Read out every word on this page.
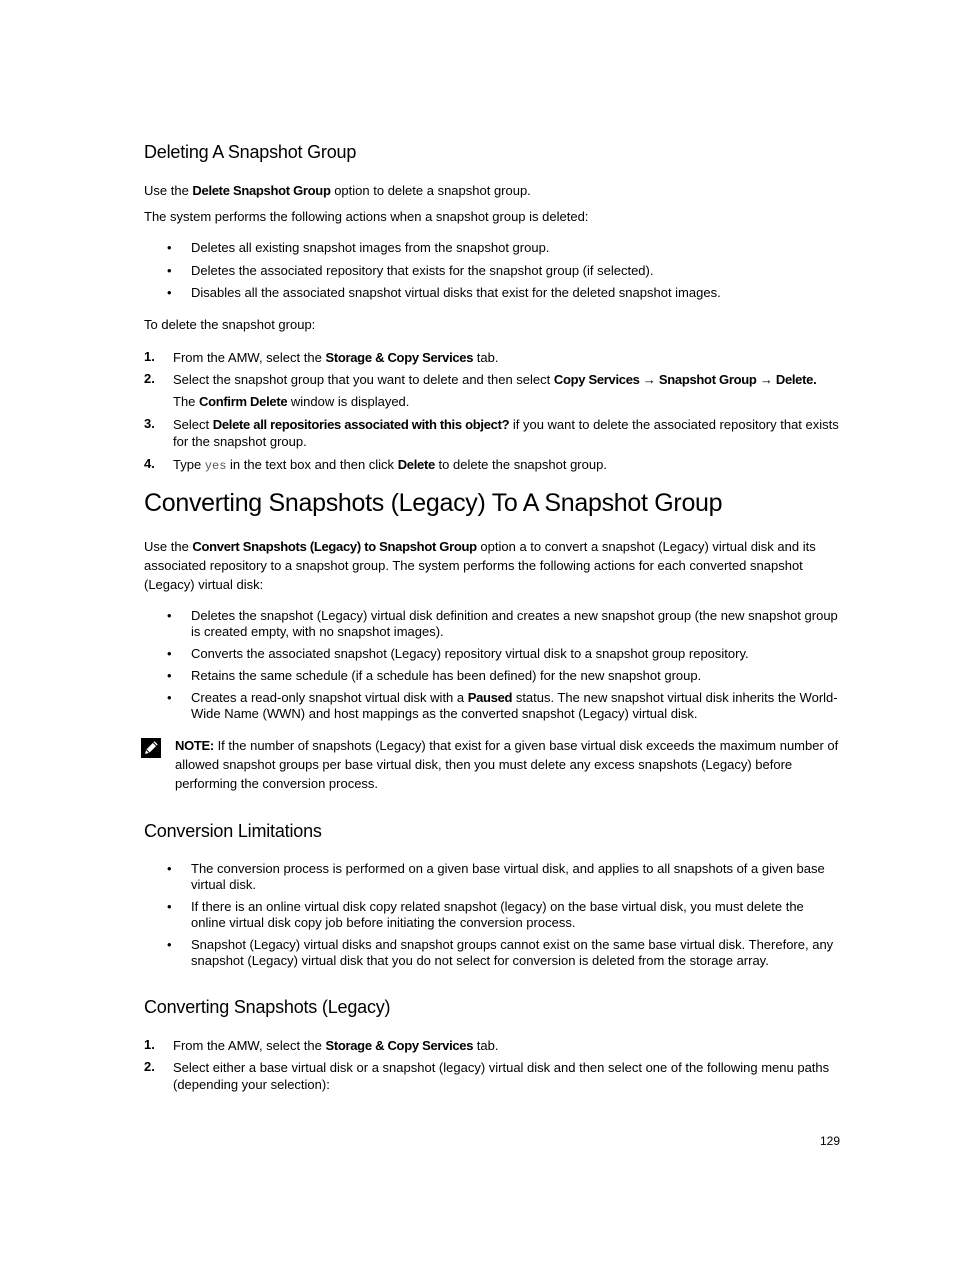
Deleting A Snapshot Group

Use the Delete Snapshot Group option to delete a snapshot group.

The system performs the following actions when a snapshot group is deleted:

• Deletes all existing snapshot images from the snapshot group.
• Deletes the associated repository that exists for the snapshot group (if selected).
• Disables all the associated snapshot virtual disks that exist for the deleted snapshot images.

To delete the snapshot group:

1. From the AMW, select the Storage & Copy Services tab.
2. Select the snapshot group that you want to delete and then select Copy Services → Snapshot Group → Delete.
The Confirm Delete window is displayed.
3. Select Delete all repositories associated with this object? if you want to delete the associated repository that exists for the snapshot group.
4. Type yes in the text box and then click Delete to delete the snapshot group.
Converting Snapshots (Legacy) To A Snapshot Group

Use the Convert Snapshots (Legacy) to Snapshot Group option a to convert a snapshot (Legacy) virtual disk and its associated repository to a snapshot group. The system performs the following actions for each converted snapshot (Legacy) virtual disk:

• Deletes the snapshot (Legacy) virtual disk definition and creates a new snapshot group (the new snapshot group is created empty, with no snapshot images).
• Converts the associated snapshot (Legacy) repository virtual disk to a snapshot group repository.
• Retains the same schedule (if a schedule has been defined) for the new snapshot group.
• Creates a read-only snapshot virtual disk with a Paused status. The new snapshot virtual disk inherits the World-Wide Name (WWN) and host mappings as the converted snapshot (Legacy) virtual disk.

NOTE: If the number of snapshots (Legacy) that exist for a given base virtual disk exceeds the maximum number of allowed snapshot groups per base virtual disk, then you must delete any excess snapshots (Legacy) before performing the conversion process.

Conversion Limitations
• The conversion process is performed on a given base virtual disk, and applies to all snapshots of a given base virtual disk.
• If there is an online virtual disk copy related snapshot (legacy) on the base virtual disk, you must delete the online virtual disk copy job before initiating the conversion process.
• Snapshot (Legacy) virtual disks and snapshot groups cannot exist on the same base virtual disk. Therefore, any snapshot (Legacy) virtual disk that you do not select for conversion is deleted from the storage array.
Converting Snapshots (Legacy)
1. From the AMW, select the Storage & Copy Services tab.
2. Select either a base virtual disk or a snapshot (legacy) virtual disk and then select one of the following menu paths (depending your selection):
129
